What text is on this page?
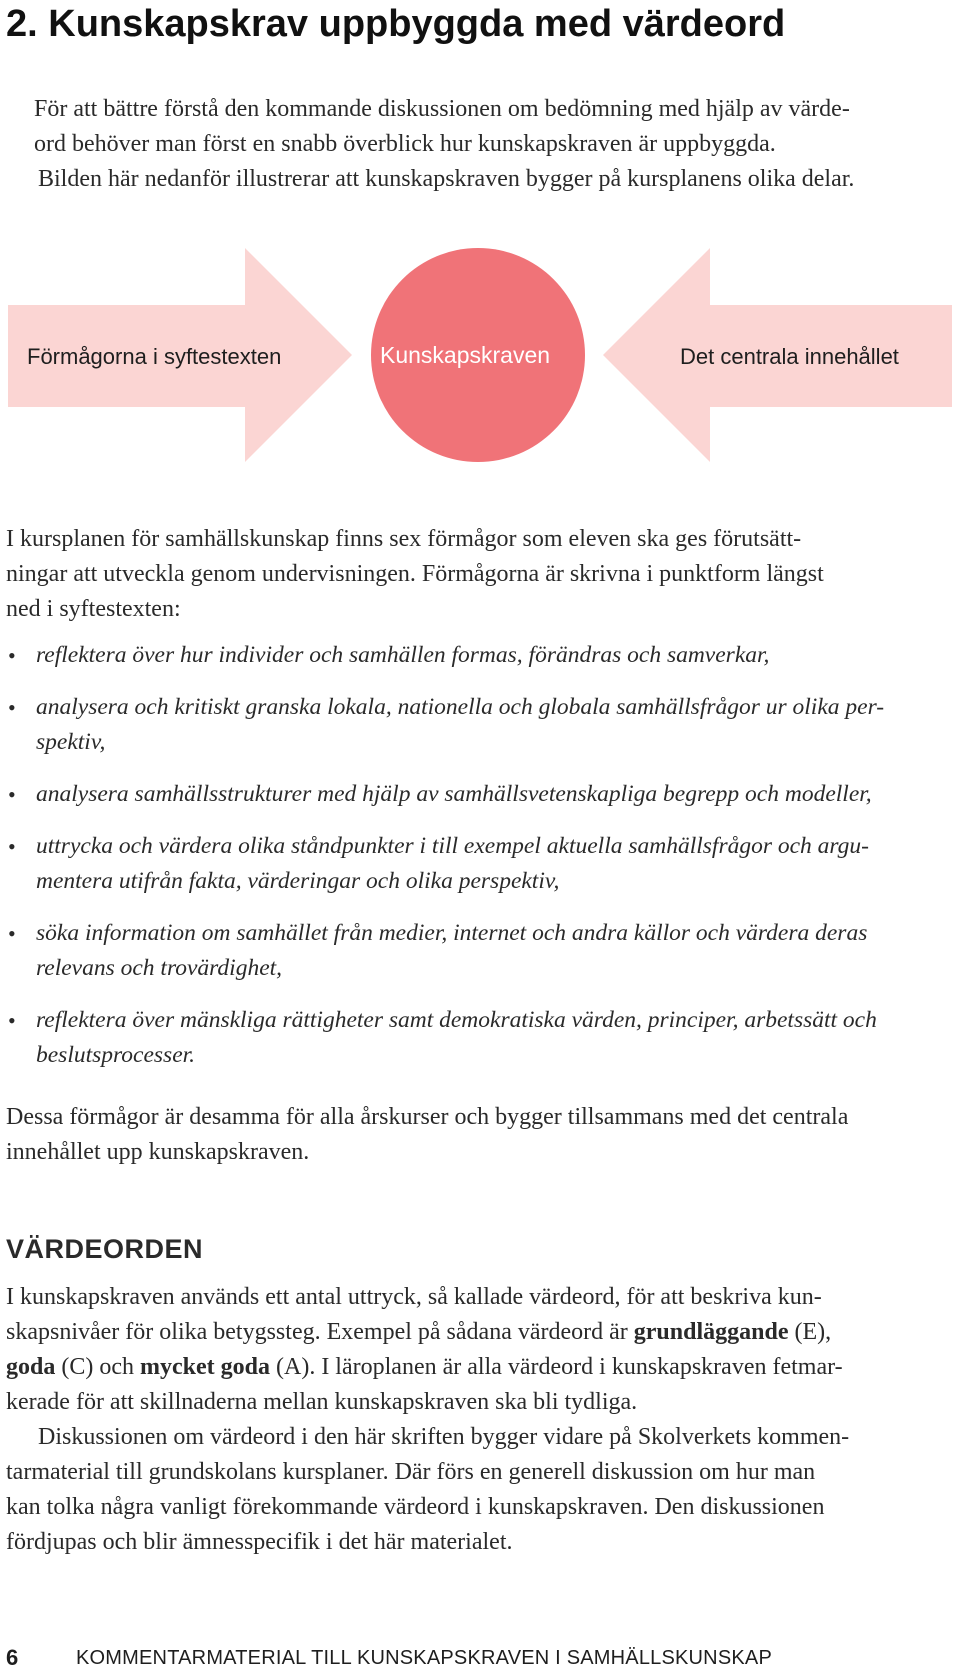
2. Kunskapskrav uppbyggda med värdeord

För att bättre förstå den kommande diskussionen om bedömning med hjälp av värde-

ord behöver man först en snabb överblick hur kunskapskraven är uppbyggda.

Bilden här nedanför illustrerar att kunskapskraven bygger på kursplanens olika delar.

Förmågorna i syftestexten	Kunskapskraven	Det centrala innehållet

I kursplanen för samhällskunskap finns sex förmågor som eleven ska ges förutsätt-

ningar att utveckla genom undervisningen. Förmågorna är skrivna i punktform längst

ned i syftestexten:

• reflektera över hur individer och samhällen formas, förändras och samverkar,
• analysera och kritiskt granska lokala, nationella och globala samhällsfrågor ur olika per-
spektiv,
• analysera samhällsstrukturer med hjälp av samhällsvetenskapliga begrepp och modeller,
• uttrycka och värdera olika ståndpunkter i till exempel aktuella samhällsfrågor och argu-
mentera utifrån fakta, värderingar och olika perspektiv,
• söka information om samhället från medier, internet och andra källor och värdera deras
relevans och trovärdighet,
• reflektera över mänskliga rättigheter samt demokratiska värden, principer, arbetssätt och
beslutsprocesser.

Dessa förmågor är desamma för alla årskurser och bygger tillsammans med det centrala

innehållet upp kunskapskraven.

VÄRDEORDEN

I kunskapskraven används ett antal uttryck, så kallade värdeord, för att beskriva kun-

skapsnivåer för olika betygssteg. Exempel på sådana värdeord är grundläggande (E),

goda (C) och mycket goda (A). I läroplanen är alla värdeord i kunskapskraven fetmar-

kerade för att skillnaderna mellan kunskapskraven ska bli tydliga.

Diskussionen om värdeord i den här skriften bygger vidare på Skolverkets kommen-

tarmaterial till grundskolans kursplaner. Där förs en generell diskussion om hur man

kan tolka några vanligt förekommande värdeord i kunskapskraven. Den diskussionen

fördjupas och blir ämnesspecifik i det här materialet.

6	KOMMENTARMATERIAL TILL KUNSKAPSKRAVEN I SAMHÄLLSKUNSKAP
